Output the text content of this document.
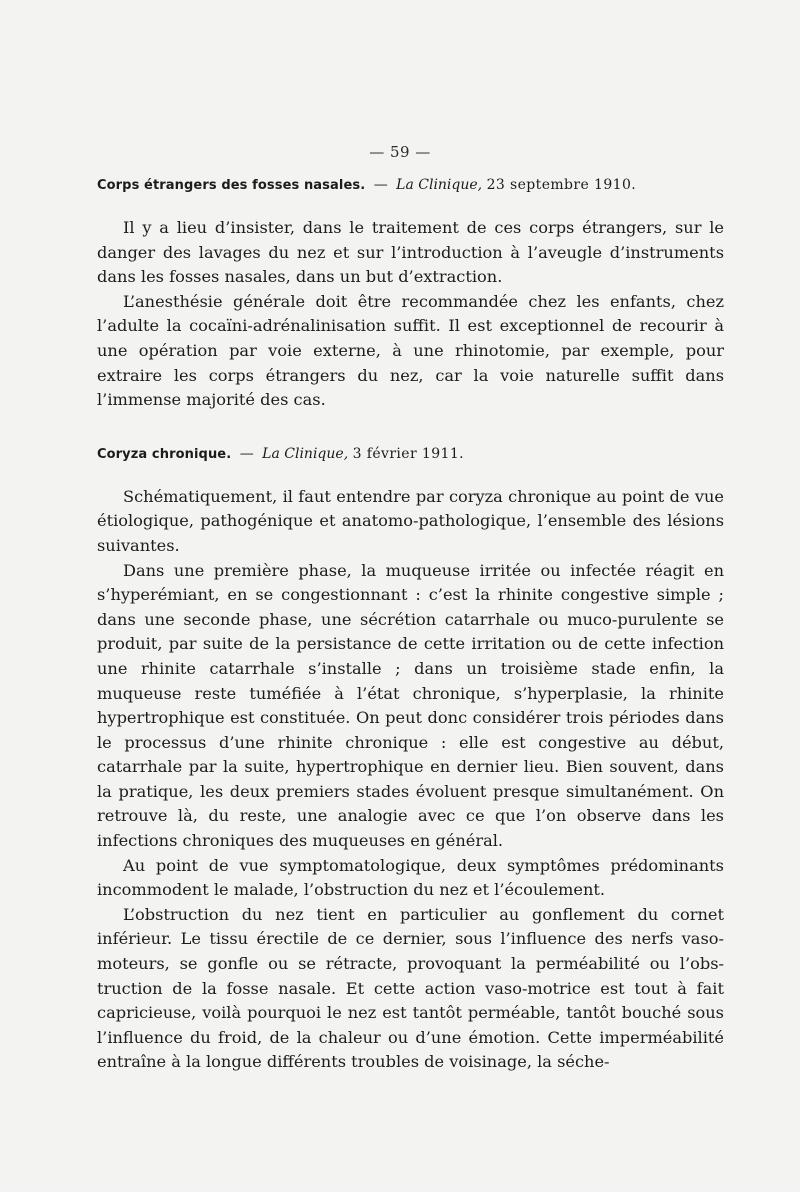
— 59 —
Corps étrangers des fosses nasales. — La Clinique, 23 septembre 1910.

Il y a lieu d’insister, dans le traitement de ces corps étrangers, sur le danger des lavages du nez et sur l’introduction à l’aveugle d’instruments dans les fosses nasales, dans un but d’extraction.

L’anesthésie générale doit être recommandée chez les enfants, chez l’adulte la cocaïni-adrénalinisation suffit. Il est exceptionnel de recourir à une opération par voie externe, à une rhinotomie, par exemple, pour extraire les corps étrangers du nez, car la voie naturelle suffit dans l’immense majorité des cas.

Coryza chronique. — La Clinique, 3 février 1911.

Schématiquement, il faut entendre par coryza chronique au point de vue étiologique, pathogénique et anatomo-pathologique, l’ensemble des lésions suivantes.

Dans une première phase, la muqueuse irritée ou infectée réagit en s’hyperémiant, en se congestionnant : c’est la rhinite congestive simple ; dans une seconde phase, une sécrétion catarrhale ou muco-purulente se produit, par suite de la persistance de cette irritation ou de cette infection une rhinite catarrhale s’installe ; dans un troisième stade enfin, la muqueuse reste tuméfiée à l’état chronique, s’hyperplasie, la rhinite hypertrophique est constituée. On peut donc considérer trois périodes dans le processus d’une rhinite chronique : elle est congestive au début, catarrhale par la suite, hypertrophique en dernier lieu. Bien souvent, dans la pratique, les deux premiers stades évoluent presque simultanément. On retrouve là, du reste, une analogie avec ce que l’on observe dans les infections chroniques des muqueuses en général.

Au point de vue symptomatologique, deux symptômes prédominants incommodent le malade, l’obstruction du nez et l’écoulement.

L’obstruction du nez tient en particulier au gonflement du cornet inférieur. Le tissu érectile de ce dernier, sous l’influence des nerfs vasomoteurs, se gonfle ou se rétracte, provoquant la perméabilité ou l’obstruction de la fosse nasale. Et cette action vaso-motrice est tout à fait capricieuse, voilà pourquoi le nez est tantôt perméable, tantôt bouché sous l’influence du froid, de la chaleur ou d’une émotion. Cette imperméabilité entraîne à la longue différents troubles de voisinage, la séche-
